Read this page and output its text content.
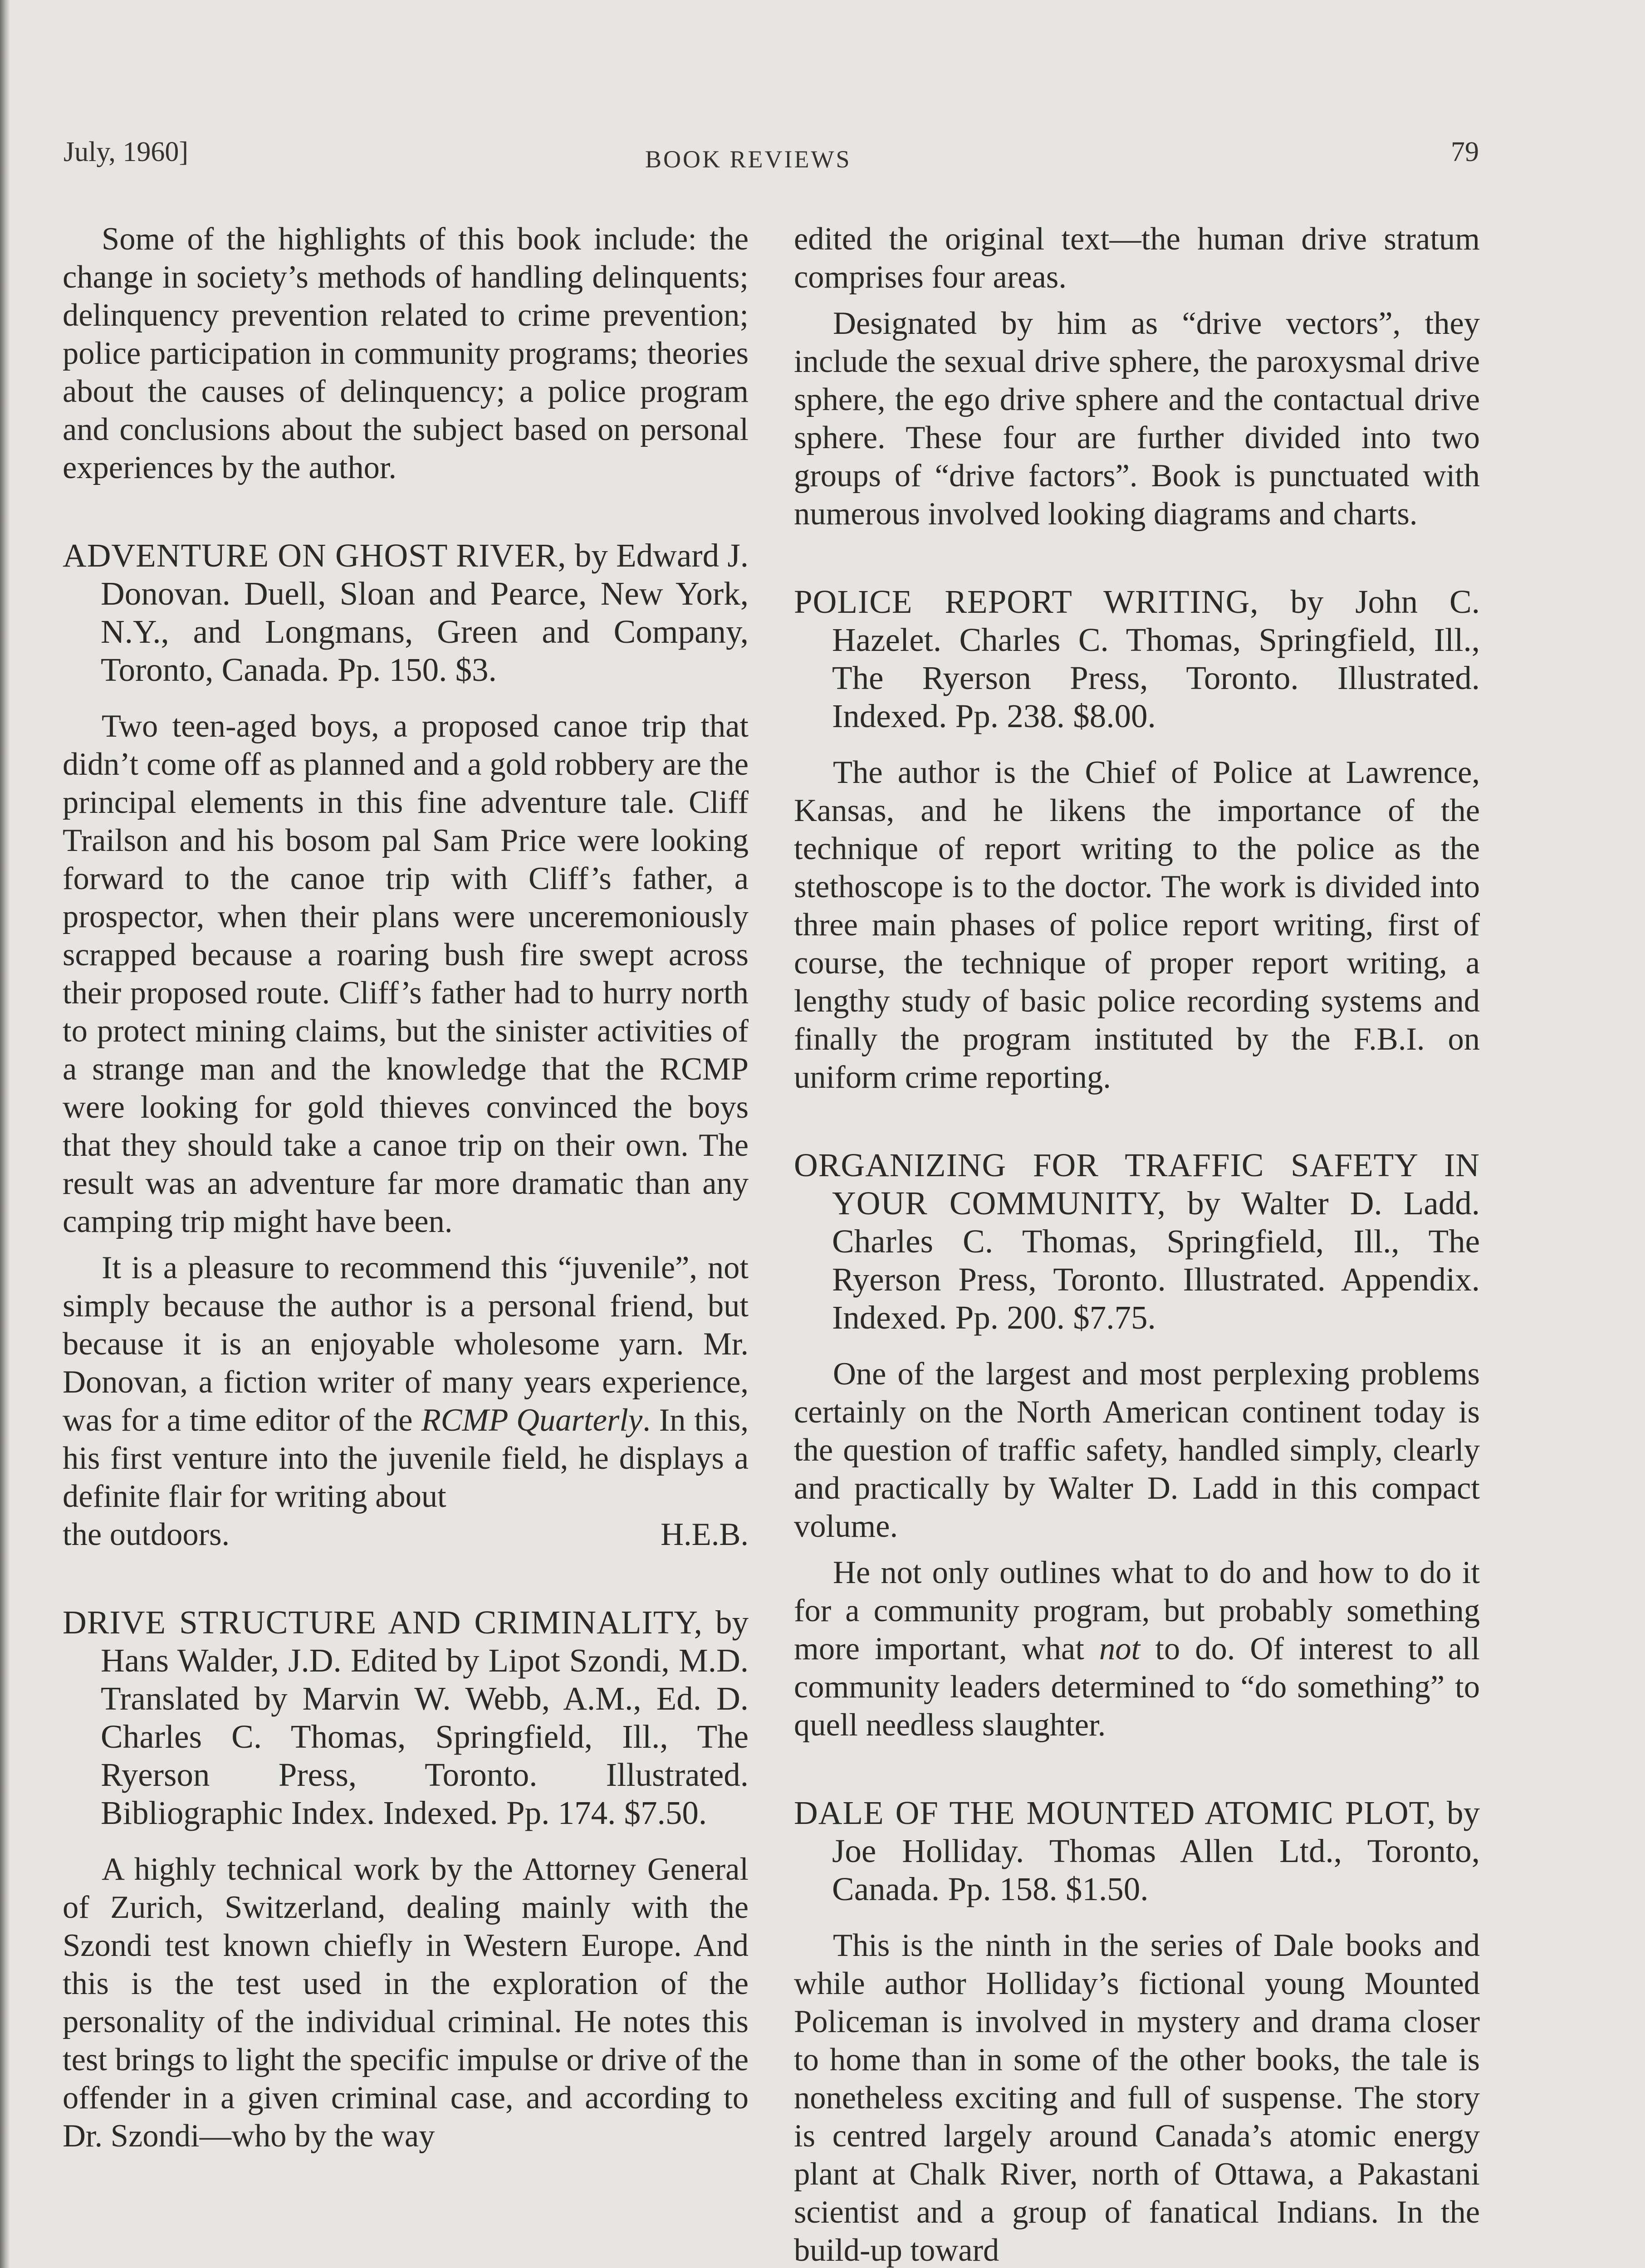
July, 1960]	BOOK REVIEWS	79

Some of the highlights of this book include: the change in society’s methods of handling delinquents; delinquency prevention related to crime prevention; police participation in community programs; theories about the causes of delinquency; a police program and conclusions about the subject based on personal experiences by the author.

ADVENTURE ON GHOST RIVER, by Edward J. Donovan. Duell, Sloan and Pearce, New York, N.Y., and Longmans, Green and Company, Toronto, Canada. Pp. 150. $3.

Two teen-aged boys, a proposed canoe trip that didn’t come off as planned and a gold robbery are the principal elements in this fine adventure tale. Cliff Trailson and his bosom pal Sam Price were looking forward to the canoe trip with Cliff’s father, a prospector, when their plans were unceremoniously scrapped because a roaring bush fire swept across their proposed route. Cliff’s father had to hurry north to protect mining claims, but the sinister activities of a strange man and the knowledge that the RCMP were looking for gold thieves convinced the boys that they should take a canoe trip on their own. The result was an adventure far more dramatic than any camping trip might have been.

It is a pleasure to recommend this “juvenile”, not simply because the author is a personal friend, but because it is an enjoyable wholesome yarn. Mr. Donovan, a fiction writer of many years experience, was for a time editor of the RCMP Quarterly. In this, his first venture into the juvenile field, he displays a definite flair for writing about

the outdoors.	H.E.B.

DRIVE STRUCTURE AND CRIMINALITY, by Hans Walder, J.D. Edited by Lipot Szondi, M.D. Translated by Marvin W. Webb, A.M., Ed. D. Charles C. Thomas, Springfield, Ill., The Ryerson Press, Toronto. Illustrated. Bibliographic Index. Indexed. Pp. 174. $7.50.

A highly technical work by the Attorney General of Zurich, Switzerland, dealing mainly with the Szondi test known chiefly in Western Europe. And this is the test used in the exploration of the personality of the individual criminal. He notes this test brings to light the specific impulse or drive of the offender in a given criminal case, and according to Dr. Szondi—who by the way

edited the original text—the human drive stratum comprises four areas.

Designated by him as “drive vectors”, they include the sexual drive sphere, the paroxysmal drive sphere, the ego drive sphere and the contactual drive sphere. These four are further divided into two groups of “drive factors”. Book is punctuated with numerous involved looking diagrams and charts.

POLICE REPORT WRITING, by John C. Hazelet. Charles C. Thomas, Springfield, Ill., The Ryerson Press, Toronto. Illustrated. Indexed. Pp. 238. $8.00.

The author is the Chief of Police at Lawrence, Kansas, and he likens the importance of the technique of report writing to the police as the stethoscope is to the doctor. The work is divided into three main phases of police report writing, first of course, the technique of proper report writing, a lengthy study of basic police recording systems and finally the program instituted by the F.B.I. on uniform crime reporting.

ORGANIZING FOR TRAFFIC SAFETY IN YOUR COMMUNITY, by Walter D. Ladd. Charles C. Thomas, Springfield, Ill., The Ryerson Press, Toronto. Illustrated. Appendix. Indexed. Pp. 200. $7.75.

One of the largest and most perplexing problems certainly on the North American continent today is the question of traffic safety, handled simply, clearly and practically by Walter D. Ladd in this compact volume.

He not only outlines what to do and how to do it for a community program, but probably something more important, what not to do. Of interest to all community leaders determined to “do something” to quell needless slaughter.

DALE OF THE MOUNTED ATOMIC PLOT, by Joe Holliday. Thomas Allen Ltd., Toronto, Canada. Pp. 158. $1.50.

This is the ninth in the series of Dale books and while author Holliday’s fictional young Mounted Policeman is involved in mystery and drama closer to home than in some of the other books, the tale is nonetheless exciting and full of suspense. The story is centred largely around Canada’s atomic energy plant at Chalk River, north of Ottawa, a Pakastani scientist and a group of fanatical Indians. In the build-up toward
